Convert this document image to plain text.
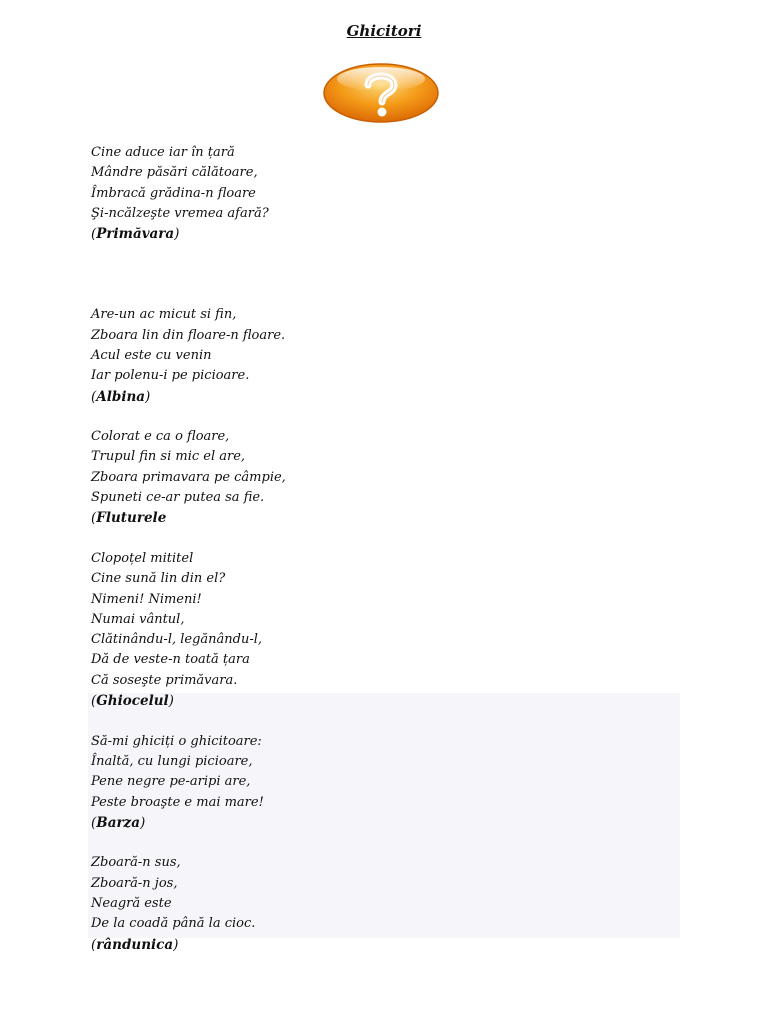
Ghicitori
Cine aduce iar în țară
Mândre păsări călătoare,
Îmbracă grădina-n floare
Şi-ncălzeşte vremea afară?
(Primăvara)
Are-un ac micut si fin,
Zboara lin din floare-n floare.
Acul este cu venin
Iar polenu-i pe picioare.
(Albina)
Colorat e ca o floare,
Trupul fin si mic el are,
Zboara primavara pe câmpie,
Spuneti ce-ar putea sa fie.
(Fluturele
Clopoțel mititel
Cine sună lin din el?
Nimeni! Nimeni!
Numai vântul,
Clătinându-l, legănându-l,
Dă de veste-n toată țara
Că soseşte primăvara.
(Ghiocelul)
Să-mi ghiciți o ghicitoare:
Înaltă, cu lungi picioare,
Pene negre pe-aripi are,
Peste broaşte e mai mare!
(Barza)
Zboară-n sus,
Zboară-n jos,
Neagră este
De la coadă până la cioc.
(rândunica)
